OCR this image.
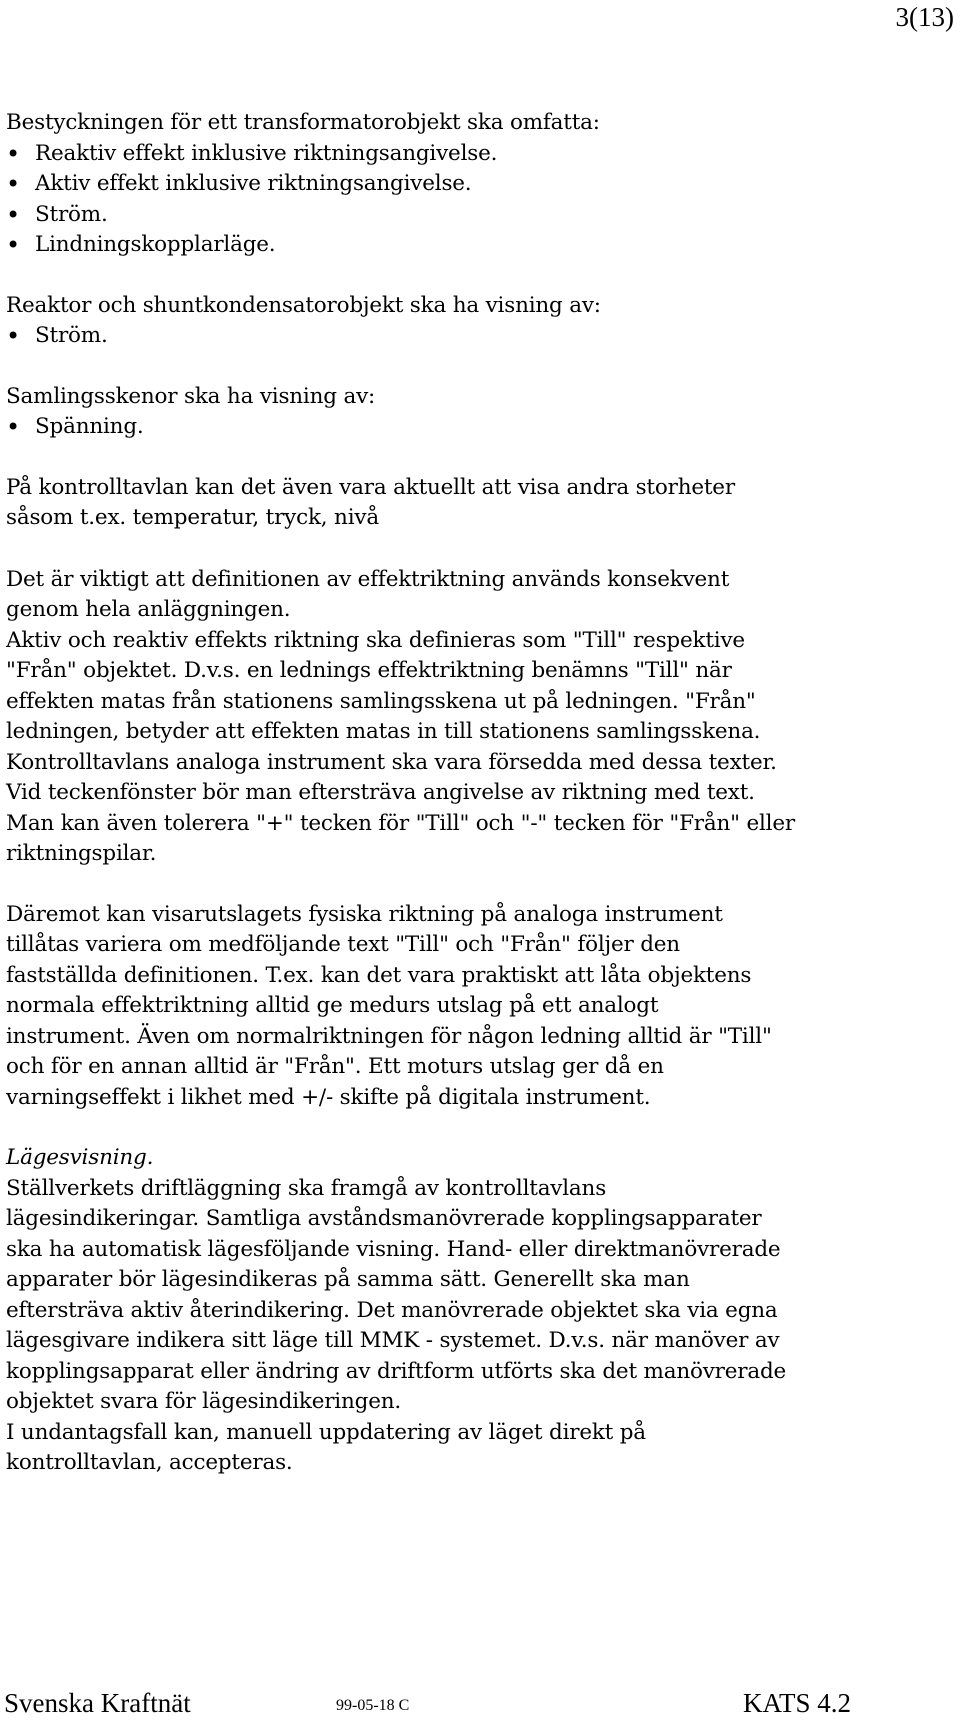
3(13)

Bestyckningen för ett transformatorobjekt ska omfatta:

• Reaktiv effekt inklusive riktningsangivelse.
• Aktiv effekt inklusive riktningsangivelse.
• Ström.
• Lindningskopplarläge.

Reaktor och shuntkondensatorobjekt ska ha visning av:

• Ström.

Samlingsskenor ska ha visning av:

• Spänning.

På kontrolltavlan kan det även vara aktuellt att visa andra storheter

såsom t.ex. temperatur, tryck, nivå

Det är viktigt att definitionen av effektriktning används konsekvent

genom hela anläggningen.

Aktiv och reaktiv effekts riktning ska definieras som "Till" respektive

"Från" objektet. D.v.s. en lednings effektriktning benämns "Till" när

effekten matas från stationens samlingsskena ut på ledningen. "Från"

ledningen, betyder att effekten matas in till stationens samlingsskena.

Kontrolltavlans analoga instrument ska vara försedda med dessa texter.

Vid teckenfönster bör man eftersträva angivelse av riktning med text.

Man kan även tolerera "+" tecken för "Till" och "-" tecken för "Från" eller

riktningspilar.

Däremot kan visarutslagets fysiska riktning på analoga instrument

tillåtas variera om medföljande text "Till" och "Från" följer den

fastställda definitionen. T.ex. kan det vara praktiskt att låta objektens

normala effektriktning alltid ge medurs utslag på ett analogt

instrument. Även om normalriktningen för någon ledning alltid är "Till"

och för en annan alltid är "Från". Ett moturs utslag ger då en

varningseffekt i likhet med +/- skifte på digitala instrument.

Lägesvisning.

Ställverkets driftläggning ska framgå av kontrolltavlans

lägesindikeringar. Samtliga avståndsmanövrerade kopplingsapparater

ska ha automatisk lägesföljande visning. Hand- eller direktmanövrerade

apparater bör lägesindikeras på samma sätt. Generellt ska man

eftersträva aktiv återindikering. Det manövrerade objektet ska via egna

lägesgivare indikera sitt läge till MMK - systemet. D.v.s. när manöver av

kopplingsapparat eller ändring av driftform utförts ska det manövrerade

objektet svara för lägesindikeringen.

I undantagsfall kan, manuell uppdatering av läget direkt på

kontrolltavlan, accepteras.

Svenska Kraftnät	99-05-18 C	KATS 4.2
